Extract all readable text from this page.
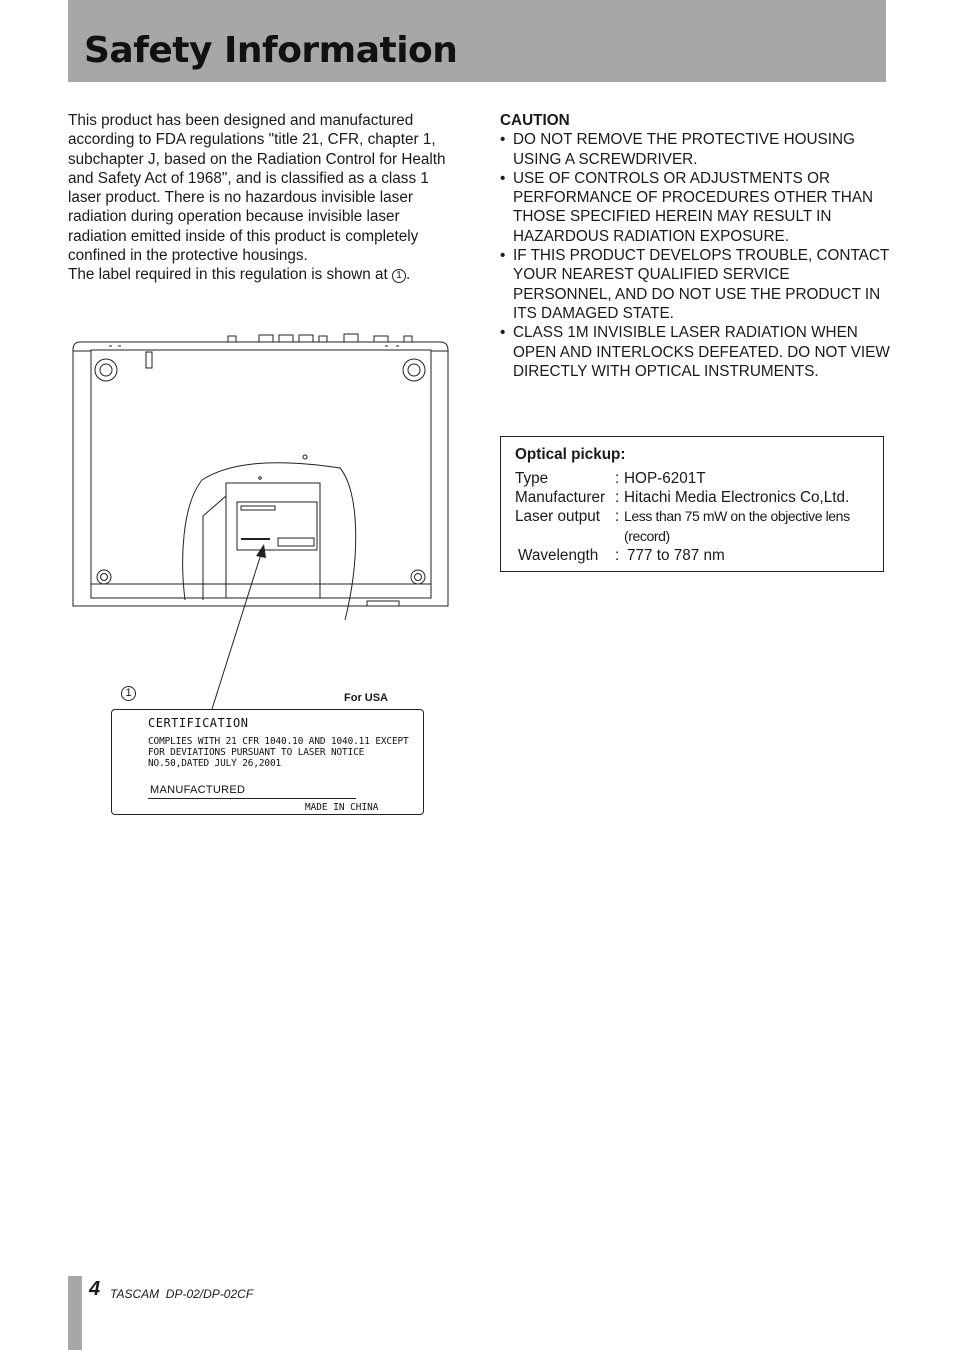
Safety Information

This product has been designed and manufactured according to FDA regulations "title 21, CFR, chapter 1, subchapter J, based on the Radiation Control for Health and Safety Act of 1968", and is classified as a class 1 laser product. There is no hazardous invisible laser radiation during operation because invisible laser radiation emitted inside of this product is completely confined in the protective housings.

The label required in this regulation is shown at 1 .

CAUTION

• DO NOT REMOVE THE PROTECTIVE HOUSING USING A SCREWDRIVER.
• USE OF CONTROLS OR ADJUSTMENTS OR PERFORMANCE OF PROCEDURES OTHER THAN THOSE SPECIFIED HEREIN MAY RESULT IN HAZARDOUS RADIATION EXPOSURE.
• IF THIS PRODUCT DEVELOPS TROUBLE, CONTACT YOUR NEAREST QUALIFIED SERVICE PERSONNEL, AND DO NOT USE THE PRODUCT IN ITS DAMAGED STATE.
• CLASS 1M INVISIBLE LASER RADIATION WHEN OPEN AND INTERLOCKS DEFEATED. DO NOT VIEW DIRECTLY WITH OPTICAL INSTRUMENTS.
Optical pickup:
Type	: HOP-6201T
Manufacturer : Hitachi Media Electronics Co,Ltd.
Laser output : Less than 75 mW on the objective lens
(record)
Wavelength : 777 to 787 nm
1	For USA
CERTIFICATION
COMPLIES WITH 21 CFR 1040.10 AND 1040.11 EXCEPT
FOR DEVIATIONS PURSUANT TO LASER NOTICE
NO.50,DATED JULY 26,2001
MANUFACTURED
MADE IN CHINA
4 TASCAM DP-02/DP-02CF
